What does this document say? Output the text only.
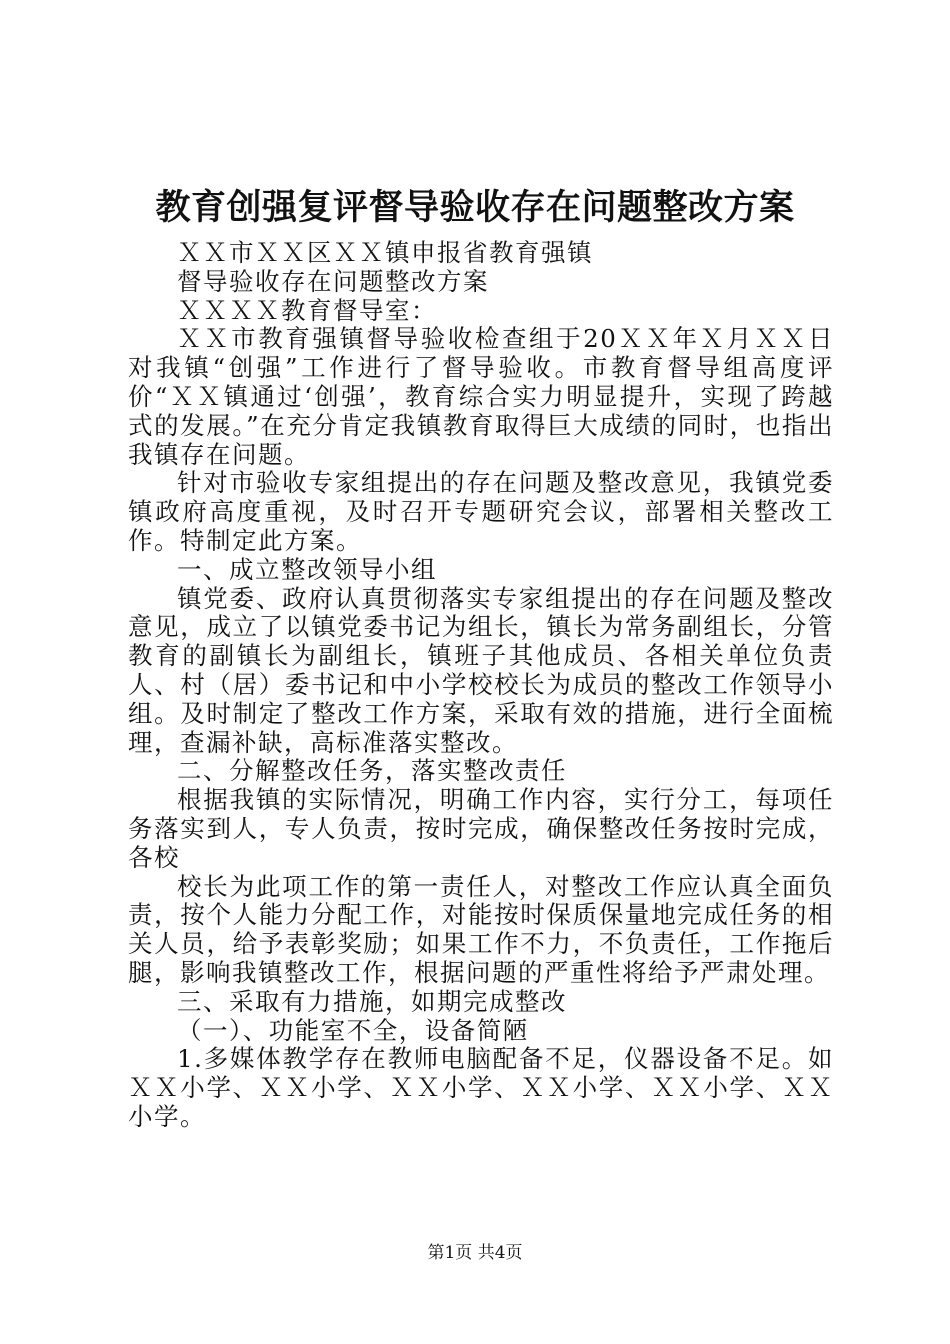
教育创强复评督导验收存在问题整改方案

ＸＸ市ＸＸ区ＸＸ镇申报省教育强镇

督导验收存在问题整改方案

ＸＸＸＸ教育督导室：

ＸＸ市教育强镇督导验收检查组于20ＸＸ年Ｘ月ＸＸ日对我镇“创强”工作进行了督导验收。市教育督导组高度评价“ＸＸ镇通过‘创强’，教育综合实力明显提升，实现了跨越式的发展。”在充分肯定我镇教育取得巨大成绩的同时，也指出我镇存在问题。

针对市验收专家组提出的存在问题及整改意见，我镇党委镇政府高度重视，及时召开专题研究会议，部署相关整改工作。特制定此方案。

一、成立整改领导小组

镇党委、政府认真贯彻落实专家组提出的存在问题及整改意见，成立了以镇党委书记为组长，镇长为常务副组长，分管教育的副镇长为副组长，镇班子其他成员、各相关单位负责人、村（居）委书记和中小学校校长为成员的整改工作领导小组。及时制定了整改工作方案，采取有效的措施，进行全面梳理，查漏补缺，高标准落实整改。

二、分解整改任务，落实整改责任

根据我镇的实际情况，明确工作内容，实行分工，每项任务落实到人，专人负责，按时完成，确保整改任务按时完成，各校

校长为此项工作的第一责任人，对整改工作应认真全面负责，按个人能力分配工作，对能按时保质保量地完成任务的相关人员，给予表彰奖励；如果工作不力，不负责任，工作拖后腿，影响我镇整改工作，根据问题的严重性将给予严肃处理。

三、采取有力措施，如期完成整改

（一）、功能室不全，设备简陋

1.多媒体教学存在教师电脑配备不足，仪器设备不足。如ＸＸ小学、ＸＸ小学、ＸＸ小学、ＸＸ小学、ＸＸ小学、ＸＸ小学。

第1页 共4页
